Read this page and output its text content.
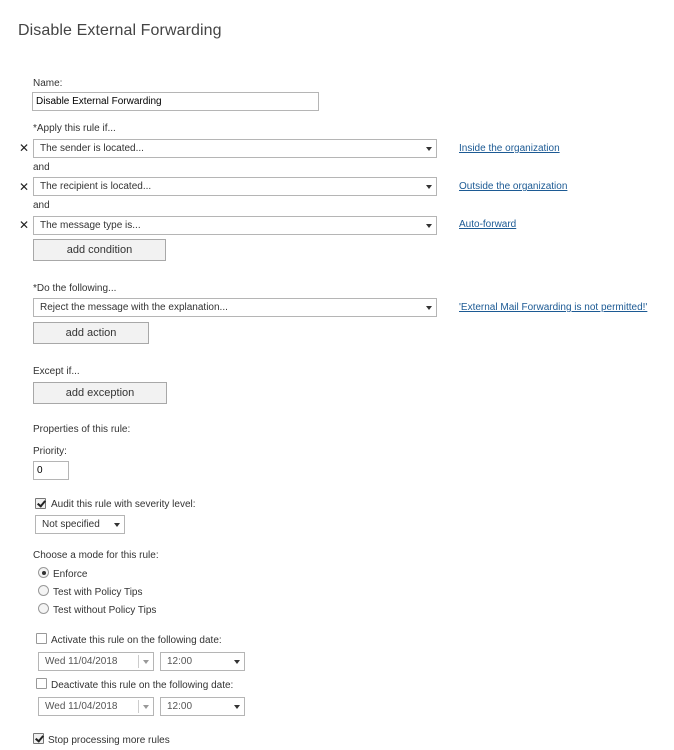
Disable External Forwarding
Name:
Disable External Forwarding
*Apply this rule if...
✕	The sender is located...	Inside the organization
and
✕	The recipient is located...	Outside the organization
and
✕	The message type is...	Auto-forward
add condition
*Do the following...
Reject the message with the explanation...	'External Mail Forwarding is not permitted!'
add action
Except if...
add exception
Properties of this rule:
Priority:
0
Audit this rule with severity level:
Not specified
Choose a mode for this rule:
Enforce
Test with Policy Tips
Test without Policy Tips
Activate this rule on the following date:
Wed 11/04/2018	12:00
Deactivate this rule on the following date:
Wed 11/04/2018	12:00
Stop processing more rules
